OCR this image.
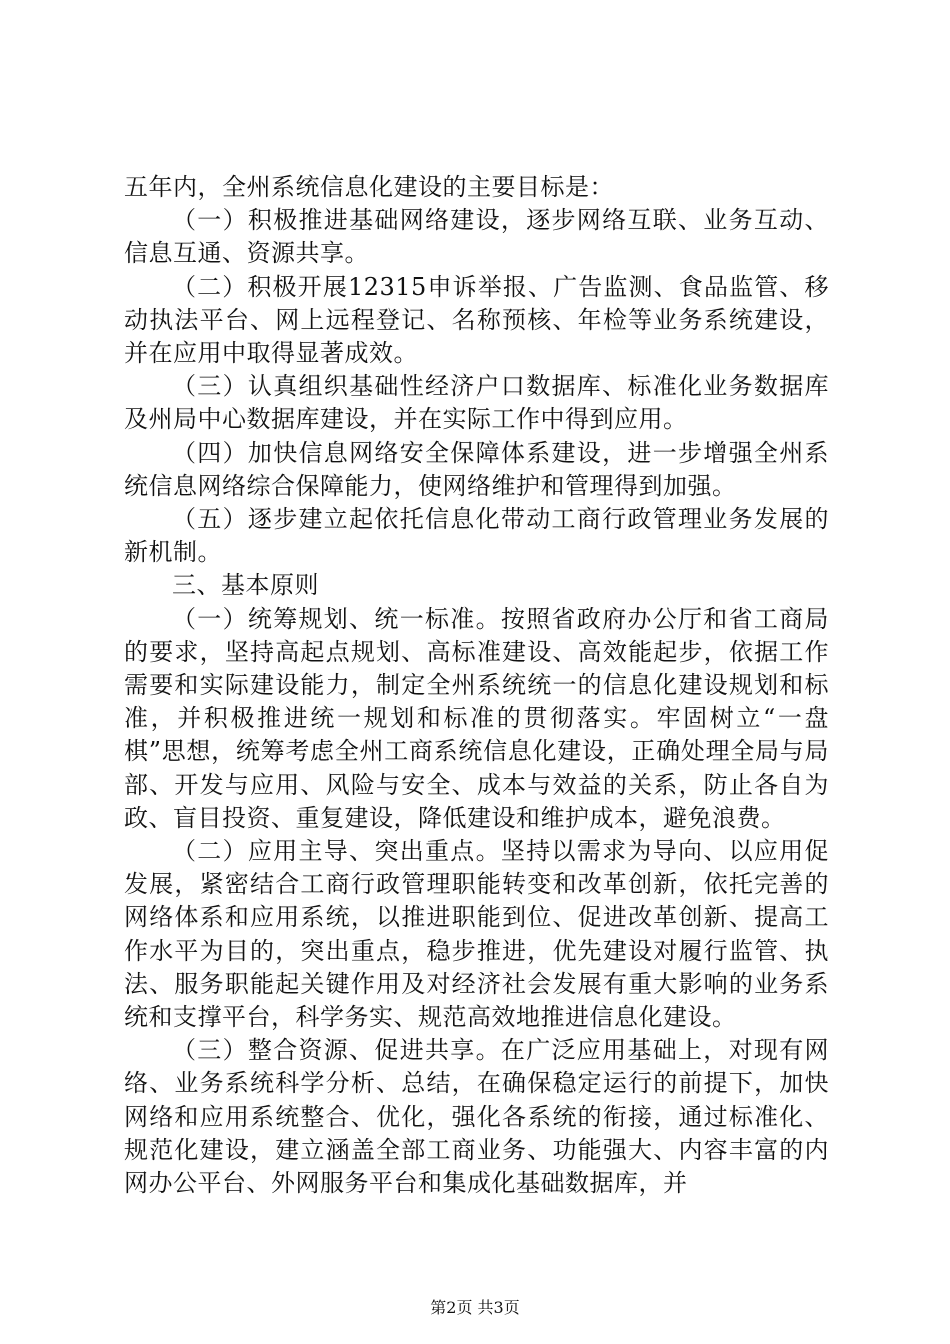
五年内，全州系统信息化建设的主要目标是：

（一）积极推进基础网络建设，逐步网络互联、业务互动、信息互通、资源共享。

（二）积极开展12315申诉举报、广告监测、食品监管、移动执法平台、网上远程登记、名称预核、年检等业务系统建设，并在应用中取得显著成效。

（三）认真组织基础性经济户口数据库、标准化业务数据库及州局中心数据库建设，并在实际工作中得到应用。

（四）加快信息网络安全保障体系建设，进一步增强全州系统信息网络综合保障能力，使网络维护和管理得到加强。

（五）逐步建立起依托信息化带动工商行政管理业务发展的新机制。

三、基本原则

（一）统筹规划、统一标准。按照省政府办公厅和省工商局的要求，坚持高起点规划、高标准建设、高效能起步，依据工作需要和实际建设能力，制定全州系统统一的信息化建设规划和标准，并积极推进统一规划和标准的贯彻落实。牢固树立“一盘棋”思想，统筹考虑全州工商系统信息化建设，正确处理全局与局部、开发与应用、风险与安全、成本与效益的关系，防止各自为政、盲目投资、重复建设，降低建设和维护成本，避免浪费。

（二）应用主导、突出重点。坚持以需求为导向、以应用促发展，紧密结合工商行政管理职能转变和改革创新，依托完善的网络体系和应用系统，以推进职能到位、促进改革创新、提高工作水平为目的，突出重点，稳步推进，优先建设对履行监管、执法、服务职能起关键作用及对经济社会发展有重大影响的业务系统和支撑平台，科学务实、规范高效地推进信息化建设。

（三）整合资源、促进共享。在广泛应用基础上，对现有网络、业务系统科学分析、总结，在确保稳定运行的前提下，加快网络和应用系统整合、优化，强化各系统的衔接，通过标准化、规范化建设，建立涵盖全部工商业务、功能强大、内容丰富的内网办公平台、外网服务平台和集成化基础数据库，并

第2页 共3页
